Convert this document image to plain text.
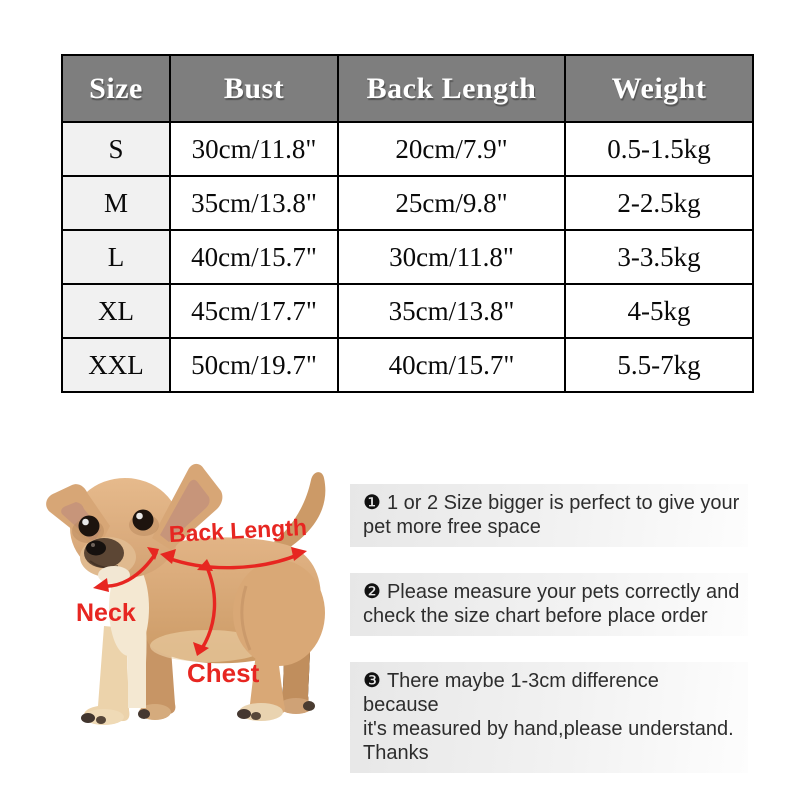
Size	Bust	Back Length	Weight
S	30cm/11.8"	20cm/7.9"	0.5-1.5kg
M	35cm/13.8"	25cm/9.8"	2-2.5kg
L	40cm/15.7"	30cm/11.8"	3-3.5kg
XL	45cm/17.7"	35cm/13.8"	4-5kg
XXL	50cm/19.7"	40cm/15.7"	5.5-7kg
Back Length
Neck
Chest
❶ 1 or 2 Size bigger is perfect to give your
pet more free space
❷ Please measure your pets correctly and
check the size chart before place order
❸ There maybe 1-3cm difference because
it's measured by hand,please understand.
Thanks
